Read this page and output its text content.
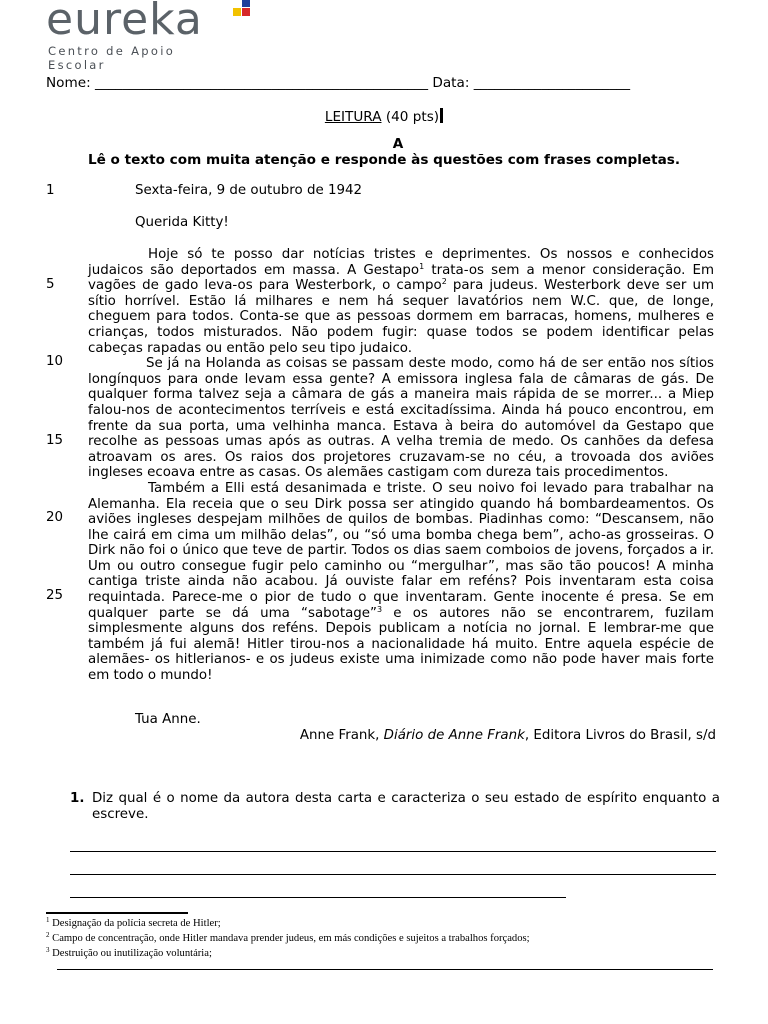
eureka
Centro de Apoio Escolar
Nome: _________________________________________________ Data: _______________________
LEITURA (40 pts)
A
Lê o texto com muita atenção e responde às questões com frases completas.
1
5
10
15
20
25
Sexta-feira, 9 de outubro de 1942
Querida Kitty!

Hoje só te posso dar notícias tristes e deprimentes. Os nossos e conhecidos judaicos são deportados em massa. A Gestapo$^1$ trata-os sem a menor consideração. Em vagões de gado leva-os para Westerbork, o campo$^2$ para judeus. Westerbork deve ser um sítio horrível. Estão lá milhares e nem há sequer lavatórios nem W.C. que, de longe, cheguem para todos. Conta-se que as pessoas dormem em barracas, homens, mulheres e crianças, todos misturados. Não podem fugir: quase todos se podem identificar pelas cabeças rapadas ou então pelo seu tipo judaico.

Se já na Holanda as coisas se passam deste modo, como há de ser então nos sítios longínquos para onde levam essa gente? A emissora inglesa fala de câmaras de gás. De qualquer forma talvez seja a câmara de gás a maneira mais rápida de se morrer... a Miep falou-nos de acontecimentos terríveis e está excitadíssima. Ainda há pouco encontrou, em frente da sua porta, uma velhinha manca. Estava à beira do automóvel da Gestapo que recolhe as pessoas umas após as outras. A velha tremia de medo. Os canhões da defesa atroavam os ares. Os raios dos projetores cruzavam-se no céu, a trovoada dos aviões ingleses ecoava entre as casas. Os alemães castigam com dureza tais procedimentos.

Também a Elli está desanimada e triste. O seu noivo foi levado para trabalhar na Alemanha. Ela receia que o seu Dirk possa ser atingido quando há bombardeamentos. Os aviões ingleses despejam milhões de quilos de bombas. Piadinhas como: “Descansem, não lhe cairá em cima um milhão delas”, ou “só uma bomba chega bem”, acho-as grosseiras. O Dirk não foi o único que teve de partir. Todos os dias saem comboios de jovens, forçados a ir. Um ou outro consegue fugir pelo caminho ou “mergulhar”, mas são tão poucos! A minha cantiga triste ainda não acabou. Já ouviste falar em reféns? Pois inventaram esta coisa requintada. Parece-me o pior de tudo o que inventaram. Gente inocente é presa. Se em qualquer parte se dá uma “sabotage”$^3$ e os autores não se encontrarem, fuzilam simplesmente alguns dos reféns. Depois publicam a notícia no jornal. E lembrar-me que também já fui alemã! Hitler tirou-nos a nacionalidade há muito. Entre aquela espécie de alemães- os hitlerianos- e os judeus existe uma inimizade como não pode haver mais forte em todo o mundo!

Tua Anne.
Anne Frank, Diário de Anne Frank, Editora Livros do Brasil, s/d
1. Diz qual é o nome da autora desta carta e caracteriza o seu estado de espírito enquanto a escreve.
$^1$ Designação da polícia secreta de Hitler;
$^2$ Campo de concentração, onde Hitler mandava prender judeus, em más condições e sujeitos a trabalhos forçados;
$^3$ Destruição ou inutilização voluntária;
